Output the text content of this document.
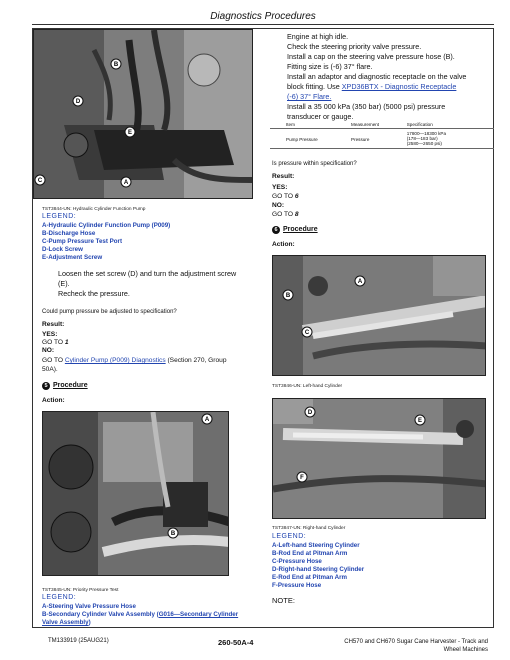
Diagnostics Procedures
A
B
C
D
E
TST3844-UN: Hydraulic Cylinder Function Pump
LEGEND:
A-Hydraulic Cylinder Function Pump (P009)
B-Discharge Hose
C-Pump Pressure Test Port
D-Lock Screw
E-Adjustment Screw
Loosen the set screw (D) and turn the adjustment screw
(E).
Recheck the pressure.
Could pump pressure be adjusted to specification?
Result:
YES:
GO TO 1
NO:
GO TO Cylinder Pump (P009) Diagnostics (Section 270, Group
50A).
5 Procedure
Action:
A
B
TST3845-UN: Priority Pressure Test
LEGEND:
A-Steering Valve Pressure Hose
B-Secondary Cylinder Valve Assembly (G016—Secondary Cylinder
Valve Assembly)
Engine at high idle.
Check the steering priority valve pressure.
Install a cap on the steering valve pressure hose (B).
Fitting size is (-6) 37° flare.
Install an adaptor and diagnostic receptacle on the valve
block fitting. Use XPD36BTX - Diagnostic Receptacle
(-6) 37° Flare.
Install a 35 000 kPa (350 bar) (5000 psi) pressure
transducer or gauge.
Item	Measurement	Specification
Pump Pressure	Pressure
17800—18300 kPa
(178—183 bar)
(2580—2650 psi)
Is pressure within specification?
Result:
YES:
GO TO 6
NO:
GO TO 8
6 Procedure
Action:
A
B
C
TST3846-UN: Left-hand Cylinder
D
E
F
TST3847-UN: Right-hand Cylinder
LEGEND:
A-Left-hand Steering Cylinder
B-Rod End at Pitman Arm
C-Pressure Hose
D-Right-hand Steering Cylinder
E-Rod End at Pitman Arm
F-Pressure Hose
NOTE:
TM133919 (25AUG21)	260-50A-4	CH570 and CH670 Sugar Cane Harvester - Track and
Wheel Machines
